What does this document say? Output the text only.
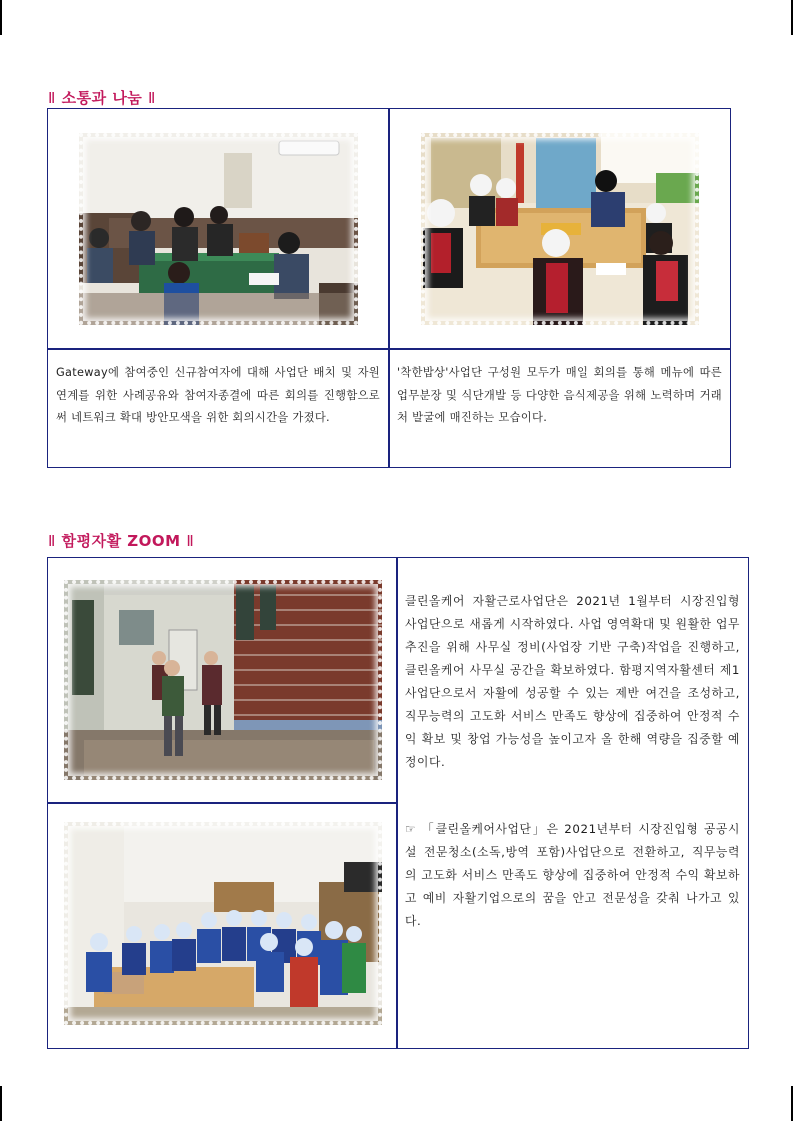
Ⅱ 소통과 나눔 Ⅱ
Gateway에 참여중인 신규참여자에 대해 사업단 배치 및 자원연계를 위한 사례공유와 참여자종결에 따른 회의를 진행함으로써 네트워크 확대 방안모색을 위한 회의시간을 가졌다.
'착한밥상'사업단 구성원 모두가 매일 회의를 통해 메뉴에 따른 업무분장 및 식단개발 등 다양한 음식제공을 위해 노력하며 거래처 발굴에 매진하는 모습이다.
Ⅱ 함평자활 ZOOM Ⅱ
클린올케어 자활근로사업단은 2021년 1월부터 시장진입형 사업단으로 새롭게 시작하였다. 사업 영역확대 및 원활한 업무 추진을 위해 사무실 정비(사업장 기반 구축)작업을 진행하고, 클린올케어 사무실 공간을 확보하였다. 함평지역자활센터 제1사업단으로서 자활에 성공할 수 있는 제반 여건을 조성하고, 직무능력의 고도화 서비스 만족도 향상에 집중하여 안정적 수익 확보 및 창업 가능성을 높이고자 올 한해 역량을 집중할 예정이다.
☞ 「클린올케어사업단」은 2021년부터 시장진입형 공공시설 전문청소(소독,방역 포함)사업단으로 전환하고, 직무능력의 고도화 서비스 만족도 향상에 집중하여 안정적 수익 확보하고 예비 자활기업으로의 꿈을 안고 전문성을 갖춰 나가고 있다.
